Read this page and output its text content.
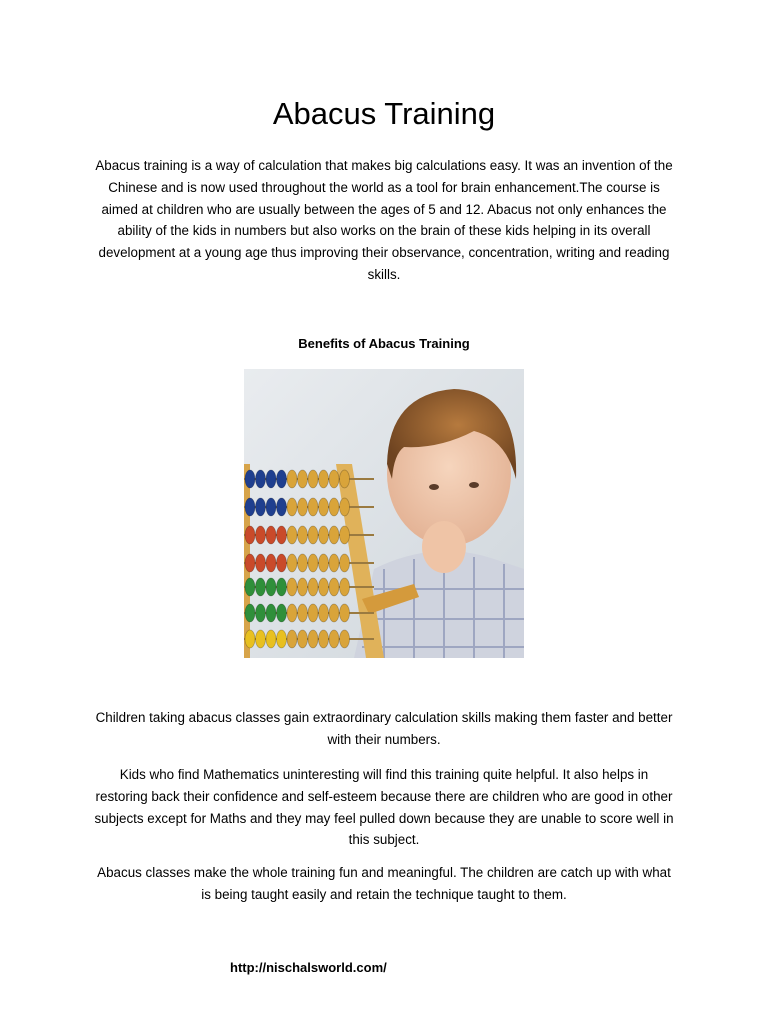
Abacus Training

Abacus training is a way of calculation that makes big calculations easy. It was an invention of the Chinese and is now used throughout the world as a tool for brain enhancement.The course is aimed at children who are usually between the ages of 5 and 12. Abacus not only enhances the ability of the kids in numbers but also works on the brain of these kids helping in its overall development at a young age thus improving their observance, concentration, writing and reading skills.

Benefits of Abacus Training

Children taking abacus classes gain extraordinary calculation skills making them faster and better with their numbers.

Kids who find Mathematics uninteresting will find this training quite helpful. It also helps in restoring back their confidence and self-esteem because there are children who are good in other subjects except for Maths and they may feel pulled down because they are unable to score well in this subject.

Abacus classes make the whole training fun and meaningful. The children are catch up with what is being taught easily and retain the technique taught to them.

http://nischalsworld.com/
